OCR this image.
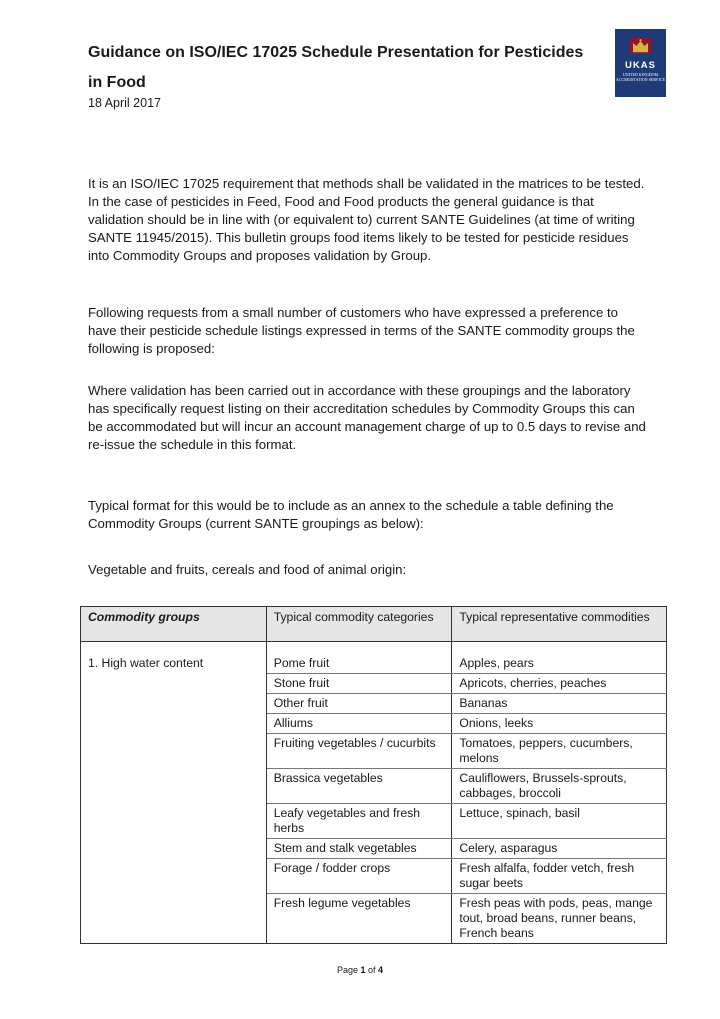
Guidance on ISO/IEC 17025 Schedule Presentation for Pesticides in Food
18 April 2017
UKAS
UNITED KINGDOM ACCREDITATION SERVICE

It is an ISO/IEC 17025 requirement that methods shall be validated in the matrices to be tested. In the case of pesticides in Feed, Food and Food products the general guidance is that validation should be in line with (or equivalent to) current SANTE Guidelines (at time of writing SANTE 11945/2015). This bulletin groups food items likely to be tested for pesticide residues into Commodity Groups and proposes validation by Group.

Following requests from a small number of customers who have expressed a preference to have their pesticide schedule listings expressed in terms of the SANTE commodity groups the following is proposed:

Where validation has been carried out in accordance with these groupings and the laboratory has specifically request listing on their accreditation schedules by Commodity Groups this can be accommodated but will incur an account management charge of up to 0.5 days to revise and re-issue the schedule in this format.

Typical format for this would be to include as an annex to the schedule a table defining the Commodity Groups (current SANTE groupings as below):

Vegetable and fruits, cereals and food of animal origin:

Commodity groups	Typical commodity categories	Typical representative commodities
1. High water content	Pome fruit	Apples, pears
	Stone fruit	Apricots, cherries, peaches
	Other fruit	Bananas
	Alliums	Onions, leeks
	Fruiting vegetables / cucurbits	Tomatoes, peppers, cucumbers, melons
	Brassica vegetables	Cauliflowers, Brussels-sprouts, cabbages, broccoli
	Leafy vegetables and fresh herbs	Lettuce, spinach, basil
	Stem and stalk vegetables	Celery, asparagus
	Forage / fodder crops	Fresh alfalfa, fodder vetch, fresh sugar beets
	Fresh legume vegetables	Fresh peas with pods, peas, mange tout, broad beans, runner beans, French beans
Page 1 of 4
